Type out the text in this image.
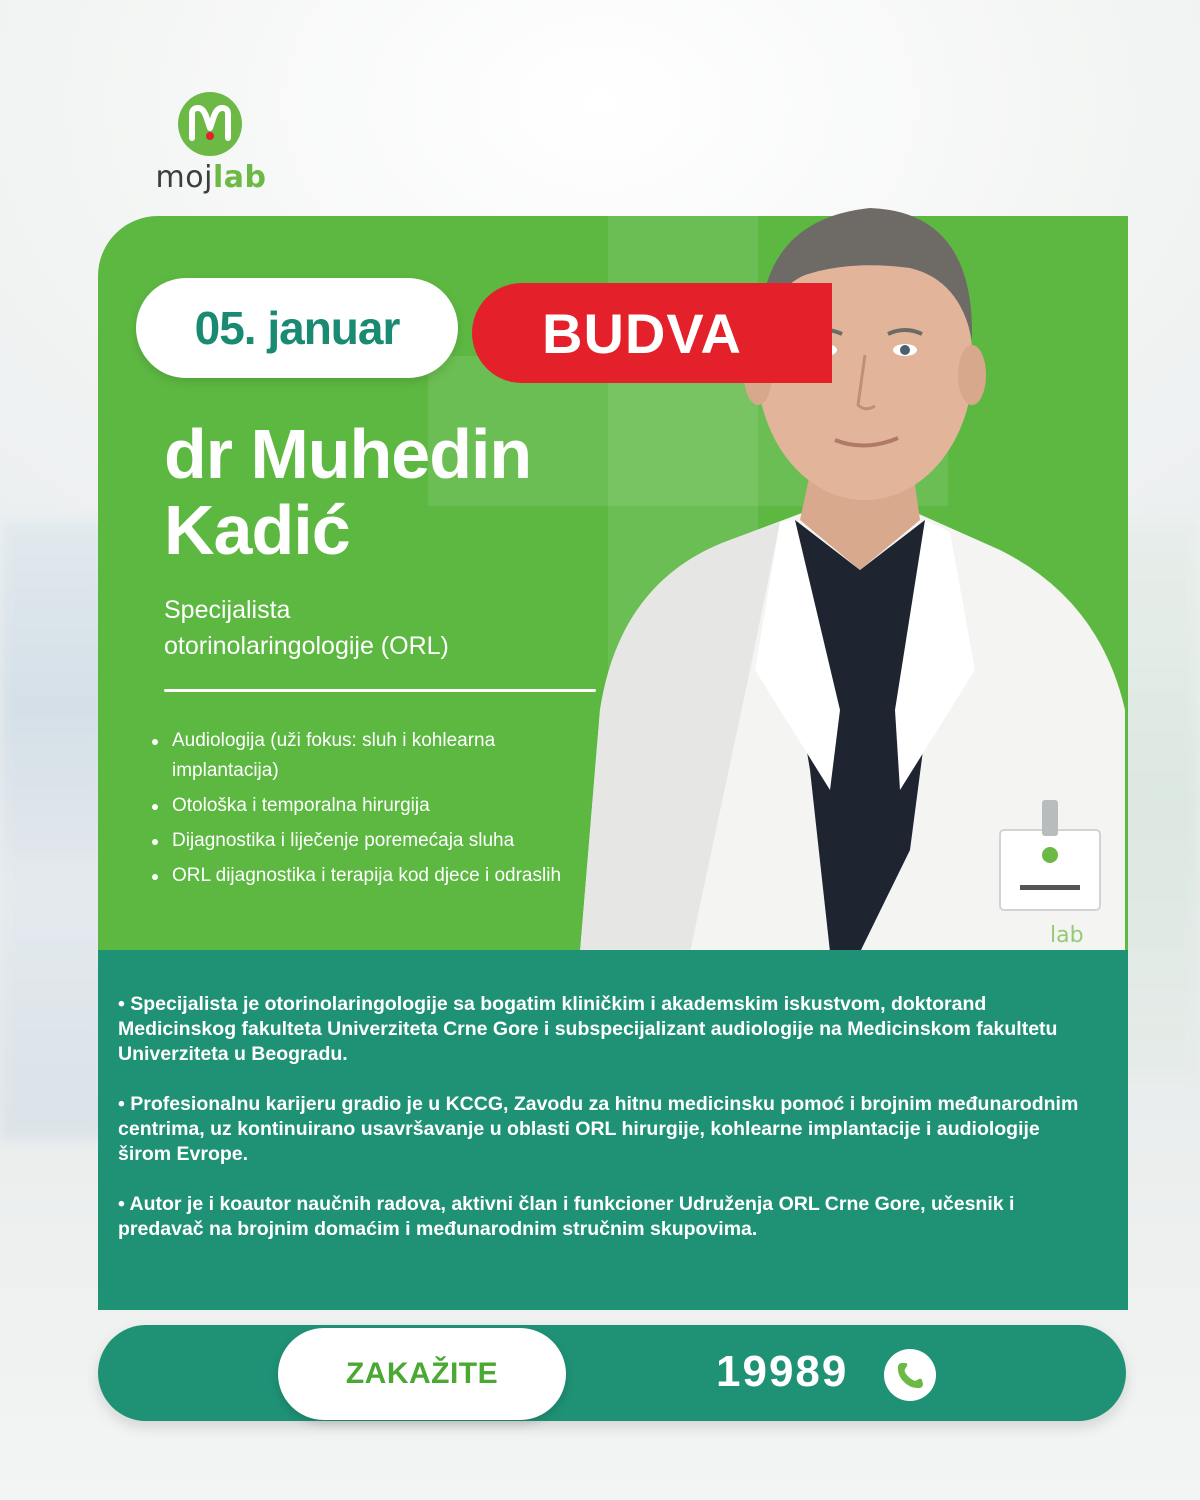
mojlab
lab
05. januar	BUDVA
dr Muhedin
Kadić
Specijalista
otorinolaringologije (ORL)
Audiologija (uži fokus: sluh i kohlearna implantacija)
Otološka i temporalna hirurgija
Dijagnostika i liječenje poremećaja sluha
ORL dijagnostika i terapija kod djece i odraslih

• Specijalista je otorinolaringologije sa bogatim kliničkim i akademskim iskustvom, doktorand Medicinskog fakulteta Univerziteta Crne Gore i subspecijalizant audiologije na Medicinskom fakultetu Univerziteta u Beogradu.

• Profesionalnu karijeru gradio je u KCCG, Zavodu za hitnu medicinsku pomoć i brojnim međunarodnim centrima, uz kontinuirano usavršavanje u oblasti ORL hirurgije, kohlearne implantacije i audiologije širom Evrope.

• Autor je i koautor naučnih radova, aktivni član i funkcioner Udruženja ORL Crne Gore, učesnik i predavač na brojnim domaćim i međunarodnim stručnim skupovima.

ZAKAŽITE	19989
